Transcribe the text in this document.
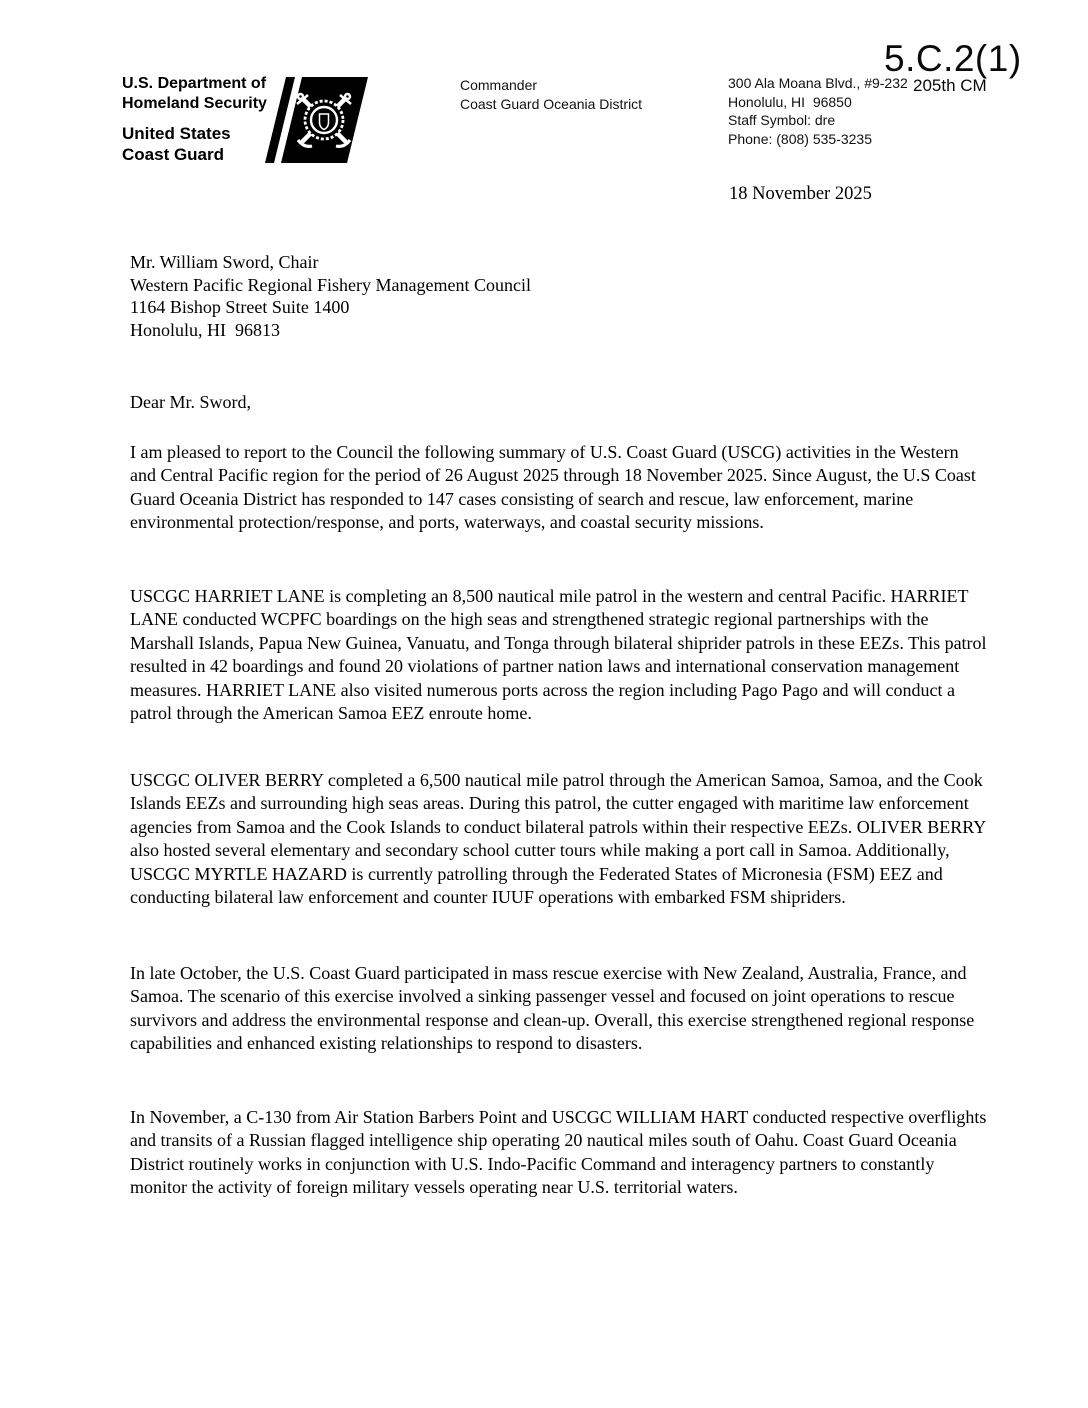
5.C.2(1)
205th CM
U.S. Department of
Homeland Security
United States
Coast Guard
Commander
Coast Guard Oceania District
300 Ala Moana Blvd., #9-232
Honolulu, HI  96850
Staff Symbol: dre
Phone: (808) 535-3235
18 November 2025
Mr. William Sword, Chair
Western Pacific Regional Fishery Management Council
1164 Bishop Street Suite 1400
Honolulu, HI  96813
Dear Mr. Sword,

I am pleased to report to the Council the following summary of U.S. Coast Guard (USCG) activities in the Western and Central Pacific region for the period of 26 August 2025 through 18 November 2025. Since August, the U.S Coast Guard Oceania District has responded to 147 cases consisting of search and rescue, law enforcement, marine environmental protection/response, and ports, waterways, and coastal security missions.

USCGC HARRIET LANE is completing an 8,500 nautical mile patrol in the western and central Pacific. HARRIET LANE conducted WCPFC boardings on the high seas and strengthened strategic regional partnerships with the Marshall Islands, Papua New Guinea, Vanuatu, and Tonga through bilateral shiprider patrols in these EEZs. This patrol resulted in 42 boardings and found 20 violations of partner nation laws and international conservation management measures. HARRIET LANE also visited numerous ports across the region including Pago Pago and will conduct a patrol through the American Samoa EEZ enroute home.

USCGC OLIVER BERRY completed a 6,500 nautical mile patrol through the American Samoa, Samoa, and the Cook Islands EEZs and surrounding high seas areas. During this patrol, the cutter engaged with maritime law enforcement agencies from Samoa and the Cook Islands to conduct bilateral patrols within their respective EEZs. OLIVER BERRY also hosted several elementary and secondary school cutter tours while making a port call in Samoa. Additionally, USCGC MYRTLE HAZARD is currently patrolling through the Federated States of Micronesia (FSM) EEZ and conducting bilateral law enforcement and counter IUUF operations with embarked FSM shipriders.

In late October, the U.S. Coast Guard participated in mass rescue exercise with New Zealand, Australia, France, and Samoa. The scenario of this exercise involved a sinking passenger vessel and focused on joint operations to rescue survivors and address the environmental response and clean-up. Overall, this exercise strengthened regional response capabilities and enhanced existing relationships to respond to disasters.

In November, a C-130 from Air Station Barbers Point and USCGC WILLIAM HART conducted respective overflights and transits of a Russian flagged intelligence ship operating 20 nautical miles south of Oahu. Coast Guard Oceania District routinely works in conjunction with U.S. Indo-Pacific Command and interagency partners to constantly monitor the activity of foreign military vessels operating near U.S. territorial waters.
